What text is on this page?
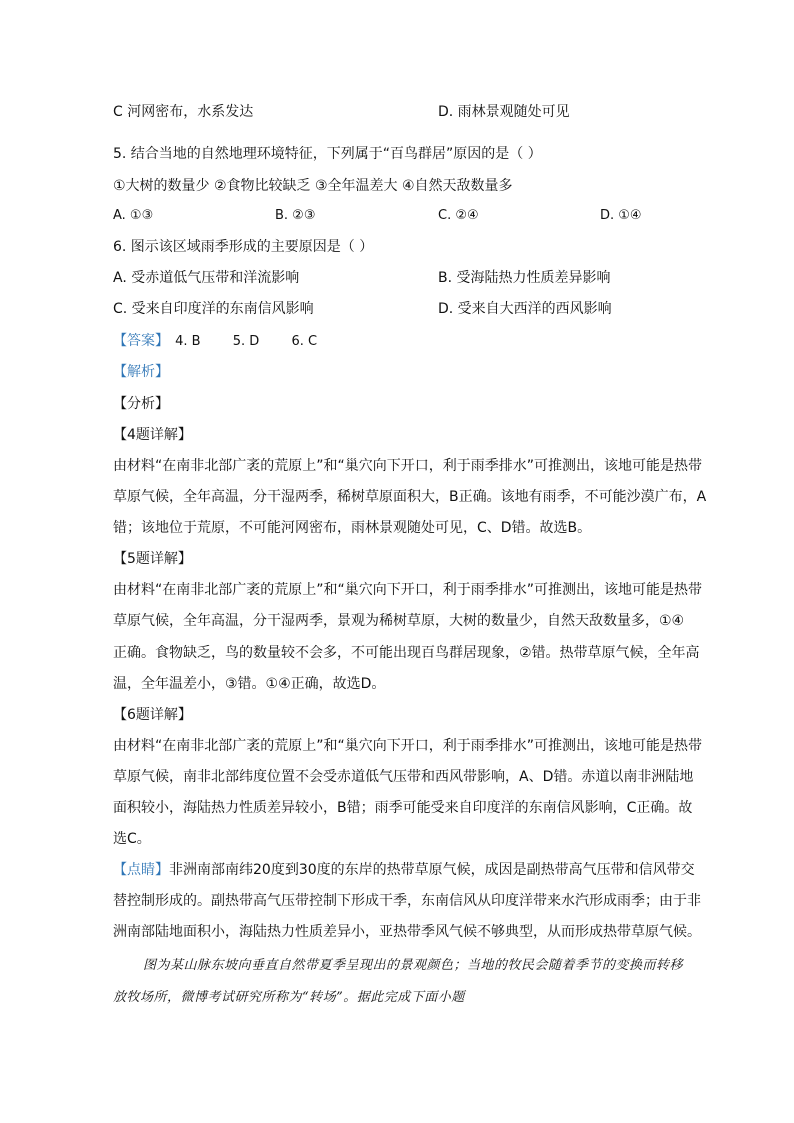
C 河网密布，水系发达	D. 雨林景观随处可见
5. 结合当地的自然地理环境特征，下列属于“百鸟群居”原因的是（ ）
①大树的数量少 ②食物比较缺乏 ③全年温差大 ④自然天敌数量多
A. ①③	B. ②③	C. ②④	D. ①④
6. 图示该区域雨季形成的主要原因是（ ）
A. 受赤道低气压带和洋流影响	B. 受海陆热力性质差异影响
C. 受来自印度洋的东南信风影响	D. 受来自大西洋的西风影响
【答案】 4. B 5. D 6. C
【解析】
【分析】
【4题详解】
由材料“在南非北部广袤的荒原上”和“巢穴向下开口，利于雨季排水”可推测出，该地可能是热带
草原气候，全年高温，分干湿两季，稀树草原面积大，B正确。该地有雨季，不可能沙漠广布，A
错；该地位于荒原，不可能河网密布，雨林景观随处可见，C、D错。故选B。
【5题详解】
由材料“在南非北部广袤的荒原上”和“巢穴向下开口，利于雨季排水”可推测出，该地可能是热带
草原气候，全年高温，分干湿两季，景观为稀树草原，大树的数量少，自然天敌数量多，①④
正确。食物缺乏，鸟的数量较不会多，不可能出现百鸟群居现象，②错。热带草原气候，全年高
温，全年温差小，③错。①④正确，故选D。
【6题详解】
由材料“在南非北部广袤的荒原上”和“巢穴向下开口，利于雨季排水”可推测出，该地可能是热带
草原气候，南非北部纬度位置不会受赤道低气压带和西风带影响，A、D错。赤道以南非洲陆地
面积较小，海陆热力性质差异较小，B错；雨季可能受来自印度洋的东南信风影响，C正确。故
选C。
【点睛】非洲南部南纬20度到30度的东岸的热带草原气候，成因是副热带高气压带和信风带交
替控制形成的。副热带高气压带控制下形成干季，东南信风从印度洋带来水汽形成雨季；由于非
洲南部陆地面积小，海陆热力性质差异小，亚热带季风气候不够典型，从而形成热带草原气候。
图为某山脉东坡向垂直自然带夏季呈现出的景观颜色；当地的牧民会随着季节的变换而转移
放牧场所，微博考试研究所称为“转场”。据此完成下面小题
